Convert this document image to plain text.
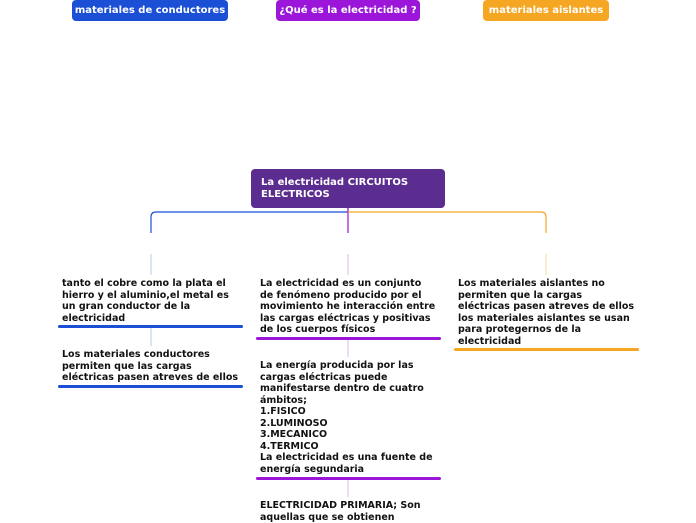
La electricidad CIRCUITOS
ELECTRICOS
materiales de conductores	¿Qué es la electricidad ?	materiales aislantes
tanto el cobre como la plata el
hierro y el aluminio,el metal es
un gran conductor de la
electricidad
Los materiales conductores
permiten que las cargas
eléctricas pasen atreves de ellos
La electricidad es un conjunto
de fenómeno producido por el
movimiento he interacción entre
las cargas eléctricas y positivas
de los cuerpos físicos
La energía producida por las
cargas eléctricas puede
manifestarse dentro de cuatro
ámbitos;
1.FISICO
2.LUMINOSO
3.MECANICO
4.TERMICO
La electricidad es una fuente de
energía segundaria
ELECTRICIDAD PRIMARIA; Son
aquellas que se obtienen
Los materiales aislantes no
permiten que la cargas
eléctricas pasen atreves de ellos
los materiales aislantes se usan
para protegernos de la
electricidad
